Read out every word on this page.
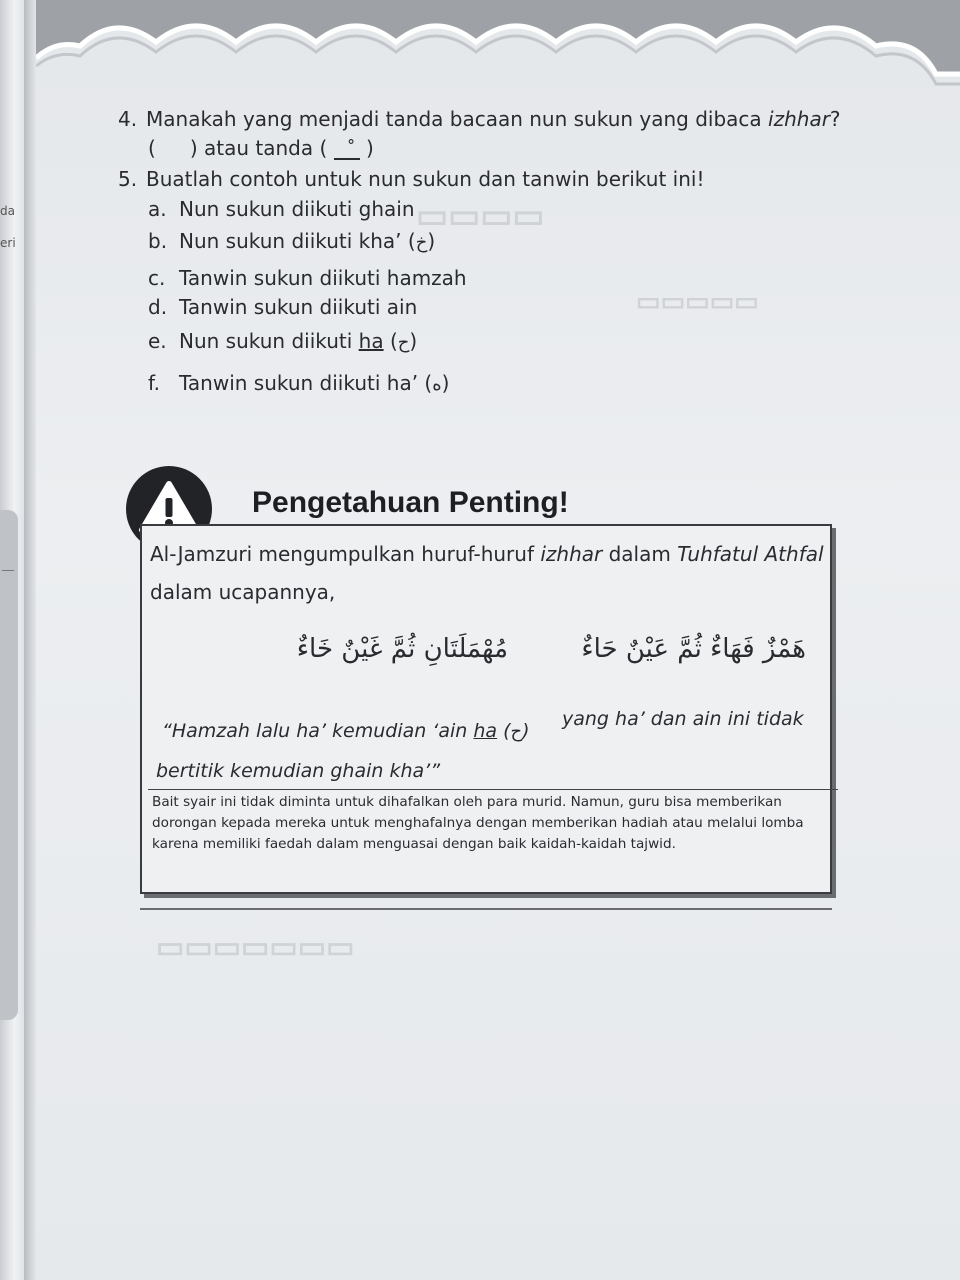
da
eri
▭▭▭▭
▭▭▭▭▭
▭▭▭▭▭▭▭
4. Manakah yang menjadi tanda bacaan nun sukun yang dibaca izhhar?
( ) atau tanda ( )
5. Buatlah contoh untuk nun sukun dan tanwin berikut ini!
a. Nun sukun diikuti ghain
b. Nun sukun diikuti kha’ (خ)
c. Tanwin sukun diikuti hamzah
d. Tanwin sukun diikuti ain
e. Nun sukun diikuti ha (ح)
f. Tanwin sukun diikuti ha’ (ه)
Pengetahuan Penting!
Al-Jamzuri mengumpulkan huruf-huruf izhhar dalam Tuhfatul Athfal
dalam ucapannya,
هَمْزٌ فَهَاءٌ ثُمَّ عَيْنٌ حَاءٌ
مُهْمَلَتَانِ ثُمَّ غَيْنٌ خَاءٌ
“Hamzah lalu ha’ kemudian ‘ain ha (ح)
yang ha’ dan ain ini tidak
bertitik kemudian ghain kha’”
Bait syair ini tidak diminta untuk dihafalkan oleh para murid. Namun, guru bisa memberikan dorongan kepada mereka untuk menghafalnya dengan memberikan hadiah atau melalui lomba karena memiliki faedah dalam menguasai dengan baik kaidah-kaidah tajwid.
